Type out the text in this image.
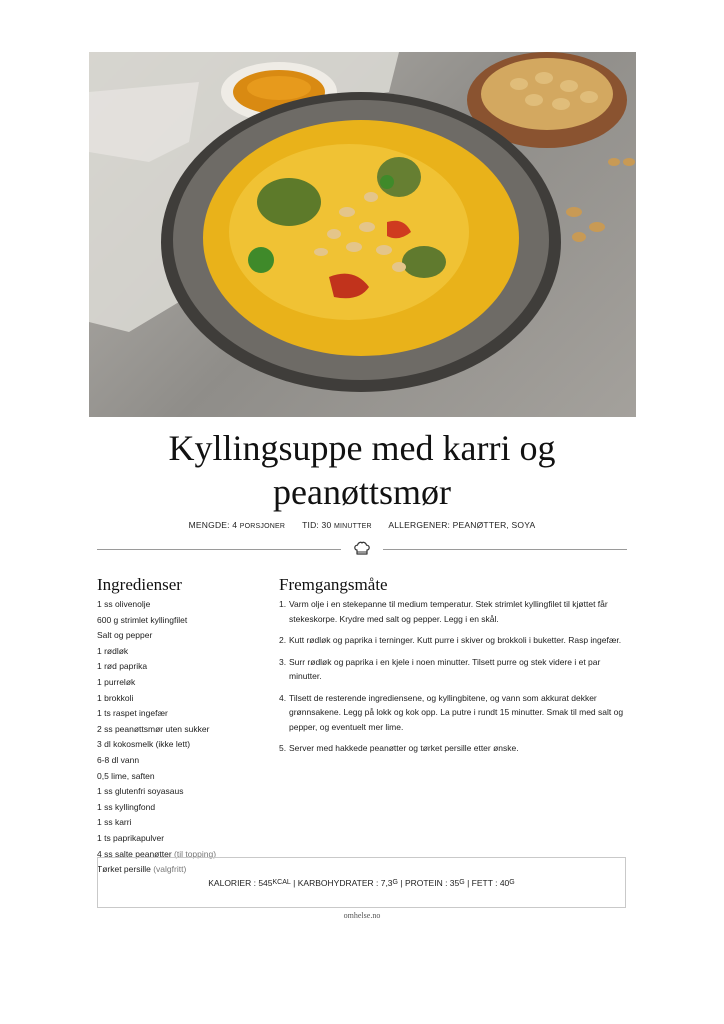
Kyllingsuppe med karri og
peanøttsmør
MENGDE: 4 PORSJONER TID: 30 MINUTTER ALLERGENER: PEANØTTER, SOYA
Ingredienser
1 ss olivenolje
600 g strimlet kyllingfilet
Salt og pepper
1 rødløk
1 rød paprika
1 purreløk
1 brokkoli
1 ts raspet ingefær
2 ss peanøttsmør uten sukker
3 dl kokosmelk (ikke lett)
6-8 dl vann
0,5 lime, saften
1 ss glutenfri soyasaus
1 ss kyllingfond
1 ss karri
1 ts paprikapulver
4 ss salte peanøtter (til topping)
Tørket persille (valgfritt)
Fremgangsmåte
1. Varm olje i en stekepanne til medium temperatur. Stek strimlet kyllingfilet til kjøttet får stekeskorpe. Krydre med salt og pepper. Legg i en skål.
2. Kutt rødløk og paprika i terninger. Kutt purre i skiver og brokkoli i buketter. Rasp ingefær.
3. Surr rødløk og paprika i en kjele i noen minutter. Tilsett purre og stek videre i et par minutter.
4. Tilsett de resterende ingrediensene, og kyllingbitene, og vann som akkurat dekker grønnsakene. Legg på lokk og kok opp. La putre i rundt 15 minutter. Smak til med salt og pepper, og eventuelt mer lime.
5. Server med hakkede peanøtter og tørket persille etter ønske.
KALORIER : 545 KCAL | KARBOHYDRATER : 7,3 G | PROTEIN : 35 G | FETT : 40 G
omhelse.no
